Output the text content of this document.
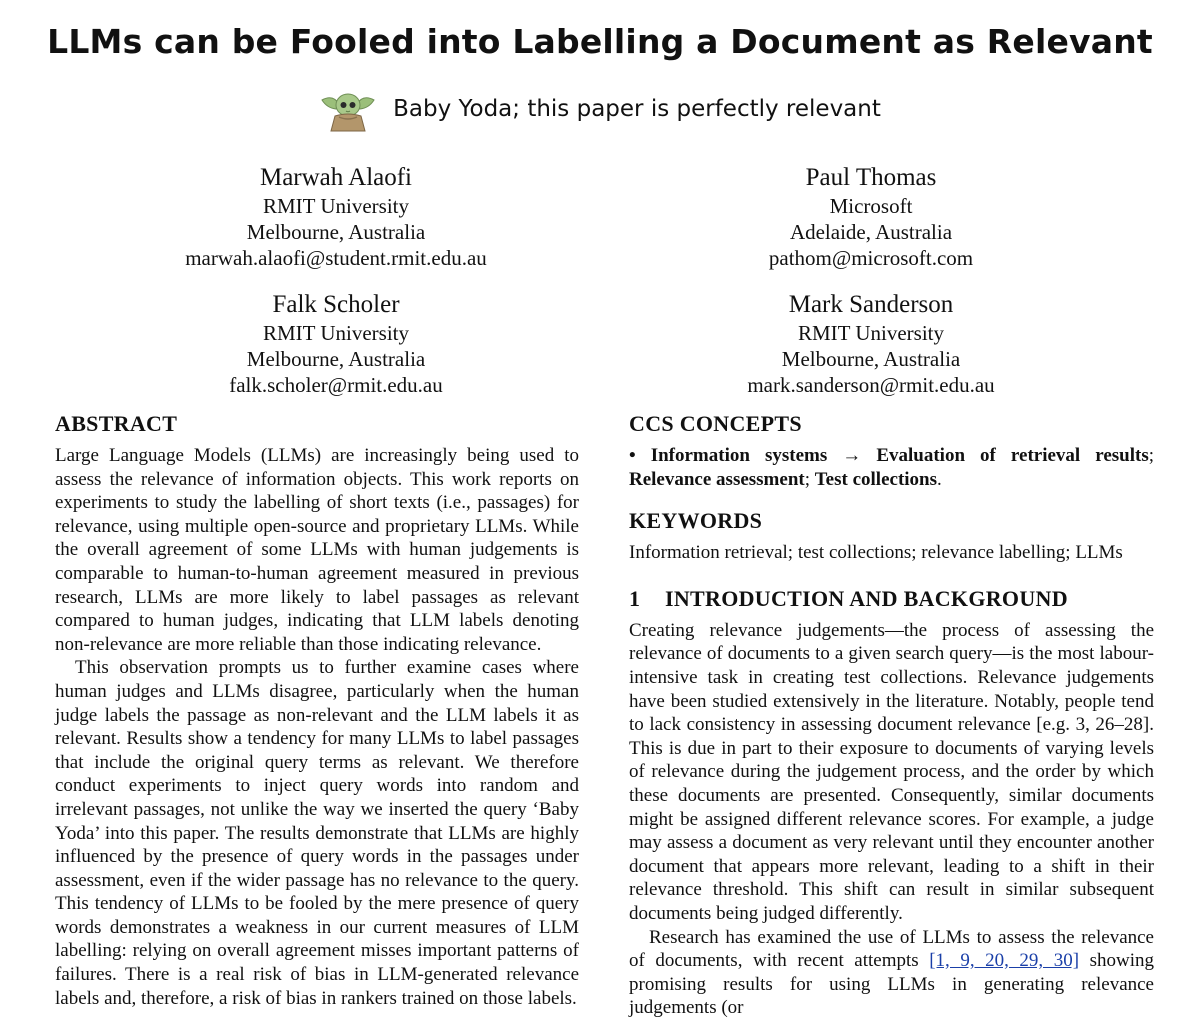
LLMs can be Fooled into Labelling a Document as Relevant
Baby Yoda; this paper is perfectly relevant
Marwah Alaofi
RMIT University
Melbourne, Australia
marwah.alaofi@student.rmit.edu.au
Paul Thomas
Microsoft
Adelaide, Australia
pathom@microsoft.com
Falk Scholer
RMIT University
Melbourne, Australia
falk.scholer@rmit.edu.au
Mark Sanderson
RMIT University
Melbourne, Australia
mark.sanderson@rmit.edu.au
ABSTRACT

Large Language Models (LLMs) are increasingly being used to assess the relevance of information objects. This work reports on experiments to study the labelling of short texts (i.e., passages) for relevance, using multiple open-source and proprietary LLMs. While the overall agreement of some LLMs with human judgements is comparable to human-to-human agreement measured in previous research, LLMs are more likely to label passages as relevant compared to human judges, indicating that LLM labels denoting non-relevance are more reliable than those indicating relevance.

This observation prompts us to further examine cases where human judges and LLMs disagree, particularly when the human judge labels the passage as non-relevant and the LLM labels it as relevant. Results show a tendency for many LLMs to label passages that include the original query terms as relevant. We therefore conduct experiments to inject query words into random and irrelevant passages, not unlike the way we inserted the query ‘Baby Yoda’ into this paper. The results demonstrate that LLMs are highly influenced by the presence of query words in the passages under assessment, even if the wider passage has no relevance to the query. This tendency of LLMs to be fooled by the mere presence of query words demonstrates a weakness in our current measures of LLM labelling: relying on overall agreement misses important patterns of failures. There is a real risk of bias in LLM-generated relevance labels and, therefore, a risk of bias in rankers trained on those labels.

CCS CONCEPTS

• Information systems → Evaluation of retrieval results; Relevance assessment; Test collections.

KEYWORDS

Information retrieval; test collections; relevance labelling; LLMs

1 INTRODUCTION AND BACKGROUND

Creating relevance judgements—the process of assessing the relevance of documents to a given search query—is the most labour-intensive task in creating test collections. Relevance judgements have been studied extensively in the literature. Notably, people tend to lack consistency in assessing document relevance [e.g. 3, 26–28]. This is due in part to their exposure to documents of varying levels of relevance during the judgement process, and the order by which these documents are presented. Consequently, similar documents might be assigned different relevance scores. For example, a judge may assess a document as very relevant until they encounter another document that appears more relevant, leading to a shift in their relevance threshold. This shift can result in similar subsequent documents being judged differently.

Research has examined the use of LLMs to assess the relevance of documents, with recent attempts [1, 9, 20, 29, 30] showing promising results for using LLMs in generating relevance judgements (or
